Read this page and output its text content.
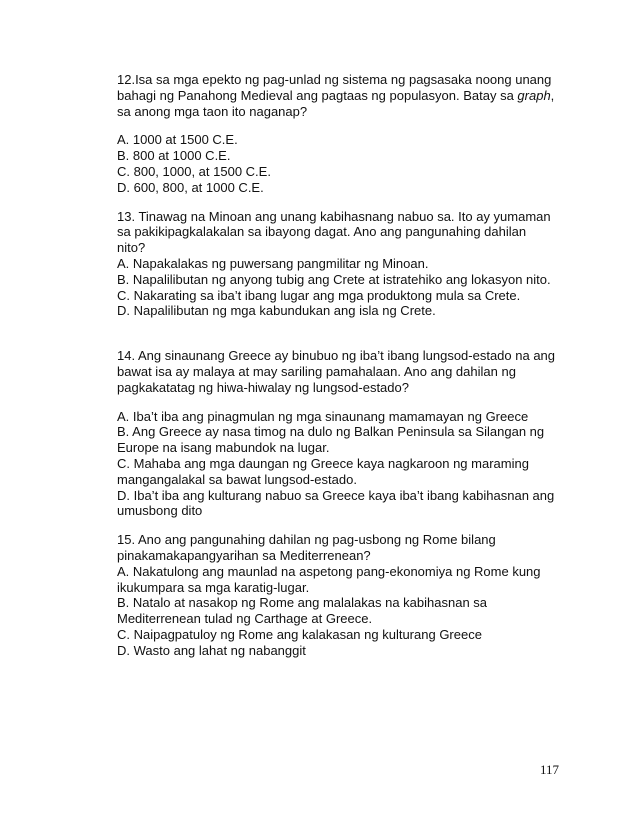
12.Isa sa mga epekto ng pag-unlad ng sistema ng pagsasaka noong unang
bahagi ng Panahong Medieval ang pagtaas ng populasyon. Batay sa graph,
sa anong mga taon ito naganap?
A. 1000 at 1500 C.E.
B. 800 at 1000 C.E.
C. 800, 1000, at 1500 C.E.
D. 600, 800, at 1000 C.E.
13. Tinawag na Minoan ang unang kabihasnang nabuo sa. Ito ay yumaman
sa pakikipagkalakalan sa ibayong dagat. Ano ang pangunahing dahilan
nito?
A. Napakalakas ng puwersang pangmilitar ng Minoan.
B. Napalilibutan ng anyong tubig ang Crete at istratehiko ang lokasyon nito.
C. Nakarating sa iba’t ibang lugar ang mga produktong mula sa Crete.
D. Napalilibutan ng mga kabundukan ang isla ng Crete.
14. Ang sinaunang Greece ay binubuo ng iba’t ibang lungsod-estado na ang
bawat isa ay malaya at may sariling pamahalaan. Ano ang dahilan ng
pagkakatatag ng hiwa-hiwalay ng lungsod-estado?
A. Iba’t iba ang pinagmulan ng mga sinaunang mamamayan ng Greece
B. Ang Greece ay nasa timog na dulo ng Balkan Peninsula sa Silangan ng
Europe na isang mabundok na lugar.
C. Mahaba ang mga daungan ng Greece kaya nagkaroon ng maraming
mangangalakal sa bawat lungsod-estado.
D. Iba’t iba ang kulturang nabuo sa Greece kaya iba’t ibang kabihasnan ang
umusbong dito
15. Ano ang pangunahing dahilan ng pag-usbong ng Rome bilang
pinakamakapangyarihan sa Mediterrenean?
A. Nakatulong ang maunlad na aspetong pang-ekonomiya ng Rome kung
ikukumpara sa mga karatig-lugar.
B. Natalo at nasakop ng Rome ang malalakas na kabihasnan sa
Mediterrenean tulad ng Carthage at Greece.
C. Naipagpatuloy ng Rome ang kalakasan ng kulturang Greece
D. Wasto ang lahat ng nabanggit
117
